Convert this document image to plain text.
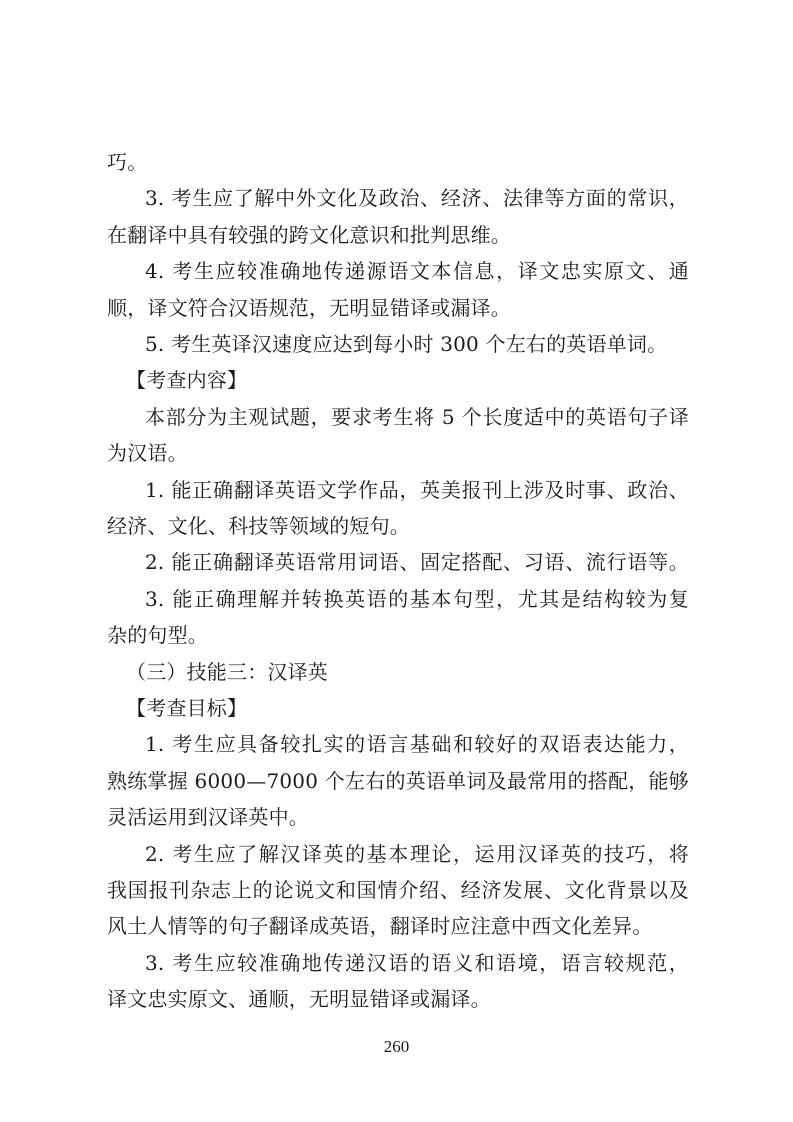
巧。
3. 考生应了解中外文化及政治、经济、法律等方面的常识，
在翻译中具有较强的跨文化意识和批判思维。
4. 考生应较准确地传递源语文本信息，译文忠实原文、通
顺，译文符合汉语规范，无明显错译或漏译。
5. 考生英译汉速度应达到每小时 300 个左右的英语单词。
【考查内容】
本部分为主观试题，要求考生将 5 个长度适中的英语句子译
为汉语。
1. 能正确翻译英语文学作品，英美报刊上涉及时事、政治、
经济、文化、科技等领域的短句。
2. 能正确翻译英语常用词语、固定搭配、习语、流行语等。
3. 能正确理解并转换英语的基本句型，尤其是结构较为复
杂的句型。
（三）技能三：汉译英
【考查目标】
1. 考生应具备较扎实的语言基础和较好的双语表达能力，
熟练掌握 6000—7000 个左右的英语单词及最常用的搭配，能够
灵活运用到汉译英中。
2. 考生应了解汉译英的基本理论，运用汉译英的技巧，将
我国报刊杂志上的论说文和国情介绍、经济发展、文化背景以及
风土人情等的句子翻译成英语，翻译时应注意中西文化差异。
3. 考生应较准确地传递汉语的语义和语境，语言较规范，
译文忠实原文、通顺，无明显错译或漏译。
260
